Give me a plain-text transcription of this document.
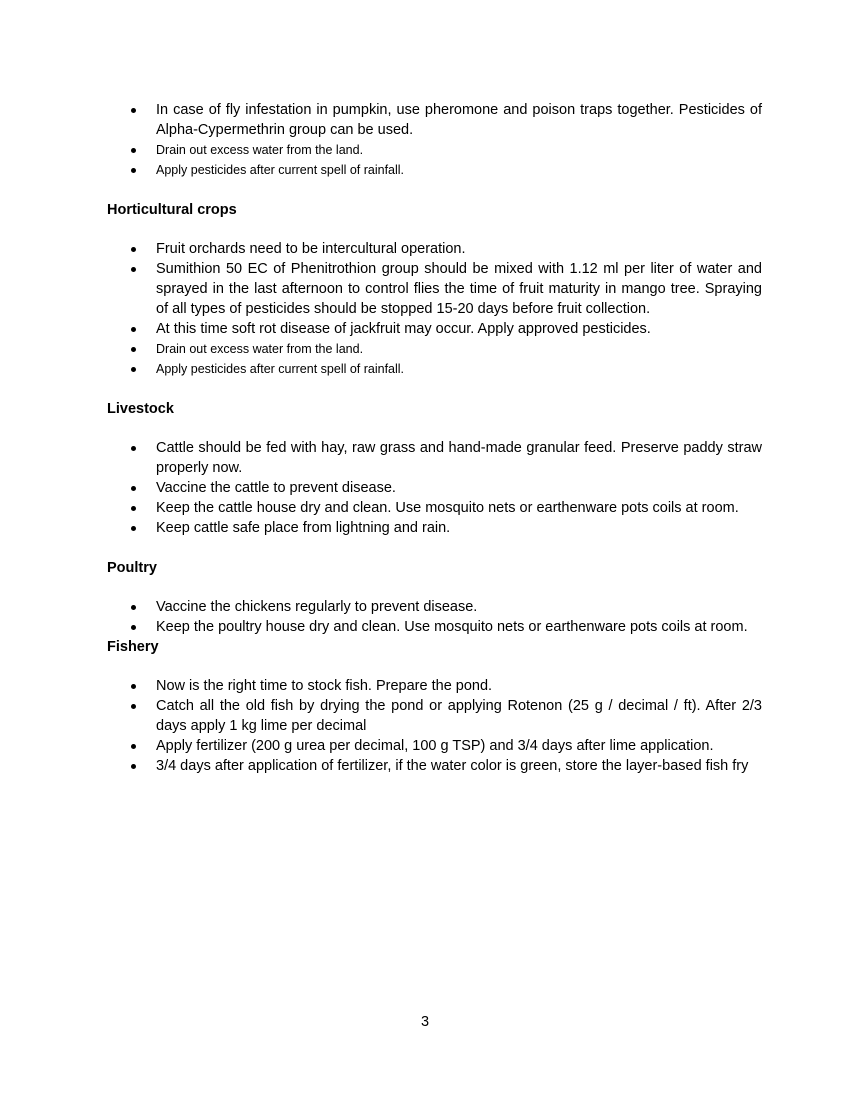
In case of fly infestation in pumpkin, use pheromone and poison traps together. Pesticides of Alpha-Cypermethrin group can be used.
Drain out excess water from the land.
Apply pesticides after current spell of rainfall.
Horticultural crops
Fruit orchards need to be intercultural operation.
Sumithion 50 EC of Phenitrothion group should be mixed with 1.12 ml per liter of water and sprayed in the last afternoon to control flies the time of fruit maturity in mango tree. Spraying of all types of pesticides should be stopped 15-20 days before fruit collection.
At this time soft rot disease of jackfruit may occur. Apply approved pesticides.
Drain out excess water from the land.
Apply pesticides after current spell of rainfall.
Livestock
Cattle should be fed with hay, raw grass and hand-made granular feed. Preserve paddy straw properly now.
Vaccine the cattle to prevent disease.
Keep the cattle house dry and clean. Use mosquito nets or earthenware pots coils at room.
Keep cattle safe place from lightning and rain.
Poultry
Vaccine the chickens regularly to prevent disease.
Keep the poultry house dry and clean. Use mosquito nets or earthenware pots coils at room.
Fishery
Now is the right time to stock fish. Prepare the pond.
Catch all the old fish by drying the pond or applying Rotenon (25 g / decimal / ft). After 2/3 days apply 1 kg lime per decimal
Apply fertilizer (200 g urea per decimal, 100 g TSP) and 3/4 days after lime application.
3/4 days after application of fertilizer, if the water color is green, store the layer-based fish fry
3
